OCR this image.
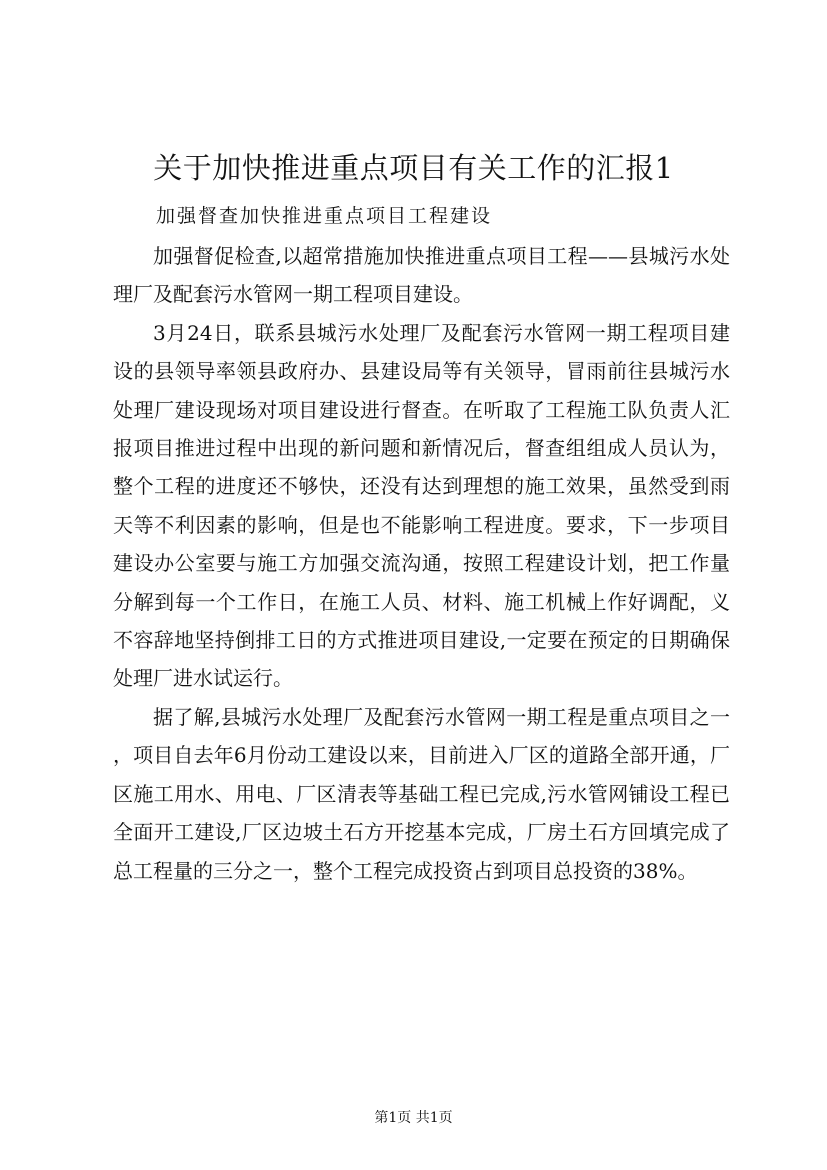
关于加快推进重点项目有关工作的汇报1
加强督查加快推进重点项目工程建设

加强督促检查,以超常措施加快推进重点项目工程——县城污水处理厂及配套污水管网一期工程项目建设。

3月24日，联系县城污水处理厂及配套污水管网一期工程项目建设的县领导率领县政府办、县建设局等有关领导，冒雨前往县城污水处理厂建设现场对项目建设进行督查。在听取了工程施工队负责人汇报项目推进过程中出现的新问题和新情况后，督查组组成人员认为，整个工程的进度还不够快，还没有达到理想的施工效果，虽然受到雨天等不利因素的影响，但是也不能影响工程进度。要求，下一步项目建设办公室要与施工方加强交流沟通，按照工程建设计划，把工作量分解到每一个工作日，在施工人员、材料、施工机械上作好调配，义不容辞地坚持倒排工日的方式推进项目建设,一定要在预定的日期确保处理厂进水试运行。

据了解,县城污水处理厂及配套污水管网一期工程是重点项目之一，项目自去年6月份动工建设以来，目前进入厂区的道路全部开通，厂区施工用水、用电、厂区清表等基础工程已完成,污水管网铺设工程已全面开工建设,厂区边坡土石方开挖基本完成，厂房土石方回填完成了总工程量的三分之一，整个工程完成投资占到项目总投资的38%。

第1页 共1页
